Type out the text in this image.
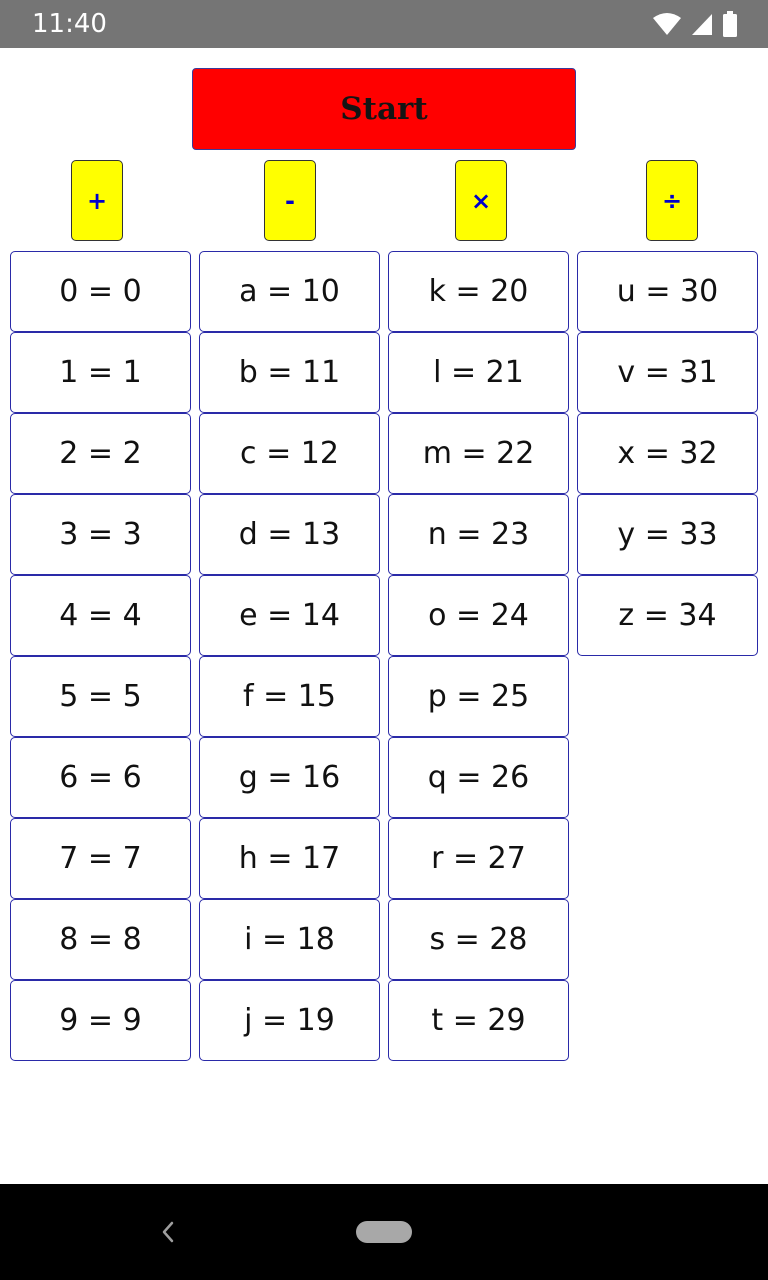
11:40
Start
+	-	×	÷
0 = 0
1 = 1
2 = 2
3 = 3
4 = 4
5 = 5
6 = 6
7 = 7
8 = 8
9 = 9
a = 10
b = 11
c = 12
d = 13
e = 14
f = 15
g = 16
h = 17
i = 18
j = 19
k = 20
l = 21
m = 22
n = 23
o = 24
p = 25
q = 26
r = 27
s = 28
t = 29
u = 30
v = 31
x = 32
y = 33
z = 34
